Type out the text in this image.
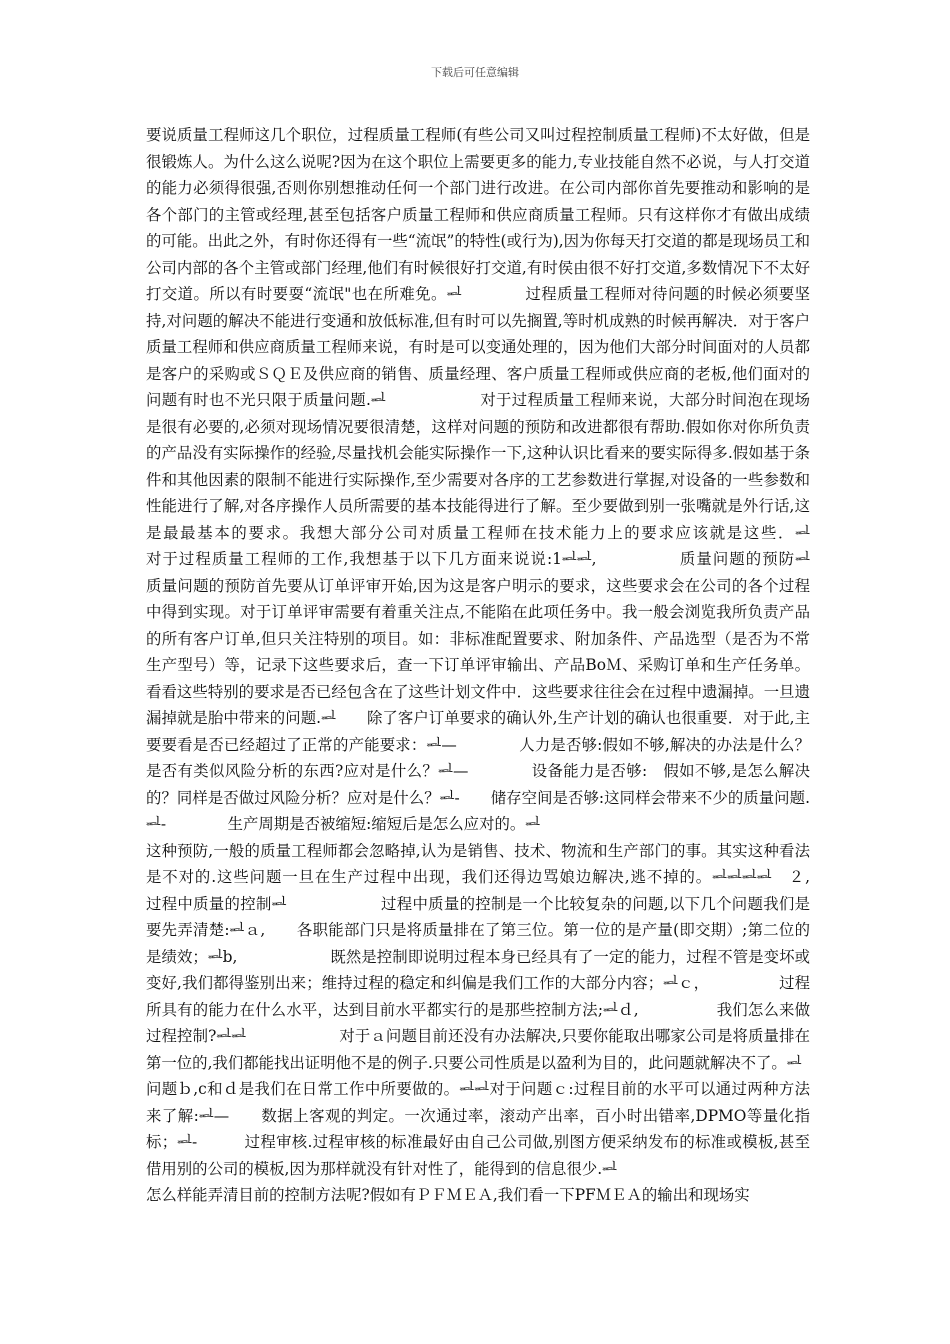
下载后可任意编辑

要说质量工程师这几个职位，过程质量工程师(有些公司又叫过程控制质量工程师)不太好做，但是很锻炼人。为什么这么说呢?因为在这个职位上需要更多的能力,专业技能自然不必说，与人打交道的能力必须得很强,否则你别想推动任何一个部门进行改进。在公司内部你首先要推动和影响的是各个部门的主管或经理,甚至包括客户质量工程师和供应商质量工程师。只有这样你才有做出成绩的可能。出此之外，有时你还得有一些“流氓”的特性(或行为),因为你每天打交道的都是现场员工和公司内部的各个主管或部门经理,他们有时候很好打交道,有时侯由很不好打交道,多数情况下不太好打交道。所以有时要耍“流氓"也在所难免。ᆋ　　　　过程质量工程师对待问题的时候必须要坚持,对问题的解决不能进行变通和放低标准,但有时可以先搁置,等时机成熟的时候再解决．对于客户质量工程师和供应商质量工程师来说，有时是可以变通处理的，因为他们大部分时间面对的人员都是客户的采购或ＳＱＥ及供应商的销售、质量经理、客户质量工程师或供应商的老板,他们面对的问题有时也不光只限于质量问题.ᆋ　　　　　　对于过程质量工程师来说，大部分时间泡在现场是很有必要的,必须对现场情况要很清楚，这样对问题的预防和改进都很有帮助.假如你对你所负责的产品没有实际操作的经验,尽量找机会能实际操作一下,这种认识比看来的要实际得多.假如基于条件和其他因素的限制不能进行实际操作,至少需要对各序的工艺参数进行掌握,对设备的一些参数和性能进行了解,对各序操作人员所需要的基本技能得进行了解。至少要做到别一张嘴就是外行话,这是最最基本的要求。我想大部分公司对质量工程师在技术能力上的要求应该就是这些．ᆋ　　　　对于过程质量工程师的工作,我想基于以下几方面来说说:1ᆋᆋ,　　　　　质量问题的预防ᆋ　　质量问题的预防首先要从订单评审开始,因为这是客户明示的要求，这些要求会在公司的各个过程中得到实现。对于订单评审需要有着重关注点,不能陷在此项任务中。我一般会浏览我所负责产品的所有客户订单,但只关注特别的项目。如：非标准配置要求、附加条件、产品选型（是否为不常生产型号）等，记录下这些要求后，查一下订单评审输出、产品BoＭ、采购订单和生产任务单。看看这些特别的要求是否已经包含在了这些计划文件中．这些要求往往会在过程中遗漏掉。一旦遗漏掉就是胎中带来的问题.ᆋ　　除了客户订单要求的确认外,生产计划的确认也很重要．对于此,主要要看是否已经超过了正常的产能要求：ᆋ—　　　　人力是否够:假如不够,解决的办法是什么？　是否有类似风险分析的东西?应对是什么？ᆋ—　　　　设备能力是否够:　假如不够,是怎么解决的？同样是否做过风险分析？应对是什么？ᆋ-　　储存空间是否够:这同样会带来不少的质量问题.ᆋ-　　　　生产周期是否被缩短:缩短后是怎么应对的。ᆋ

这种预防,一般的质量工程师都会忽略掉,认为是销售、技术、物流和生产部门的事。其实这种看法是不对的.这些问题一旦在生产过程中出现，我们还得边骂娘边解决,逃不掉的。ᆋᆋᆋᆋ　２,　　　　　过程中质量的控制ᆋ　　　　　　过程中质量的控制是一个比较复杂的问题,以下几个问题我们是要先弄清楚:ᆋａ,　　各职能部门只是将质量排在了第三位。第一位的是产量(即交期）;第二位的是绩效；ᆋb,　　　　　　既然是控制即说明过程本身已经具有了一定的能力，过程不管是变坏或变好,我们都得鉴别出来；维持过程的稳定和纠偏是我们工作的大部分内容；ᆋｃ，　　　　　过程所具有的能力在什么水平，达到目前水平都实行的是那些控制方法;ᆋｄ,　　　　　我们怎么来做过程控制?ᆋᆋ　　　　　　对于ａ问题目前还没有办法解决,只要你能取出哪家公司是将质量排在第一位的,我们都能找出证明他不是的例子.只要公司性质是以盈利为目的，此问题就解决不了。ᆋ

问题ｂ,c和ｄ是我们在日常工作中所要做的。ᆋᆋ对于问题ｃ:过程目前的水平可以通过两种方法来了解:ᆋ—　　数据上客观的判定。一次通过率，滚动产出率，百小时出错率,DPMO等量化指标；ᆋ-　　　过程审核.过程审核的标准最好由自己公司做,别图方便采纳发布的标准或模板,甚至借用别的公司的模板,因为那样就没有针对性了，能得到的信息很少.ᆋ

怎么样能弄清目前的控制方法呢?假如有ＰＦＭＥＡ,我们看一下PFＭＥＡ的输出和现场实
